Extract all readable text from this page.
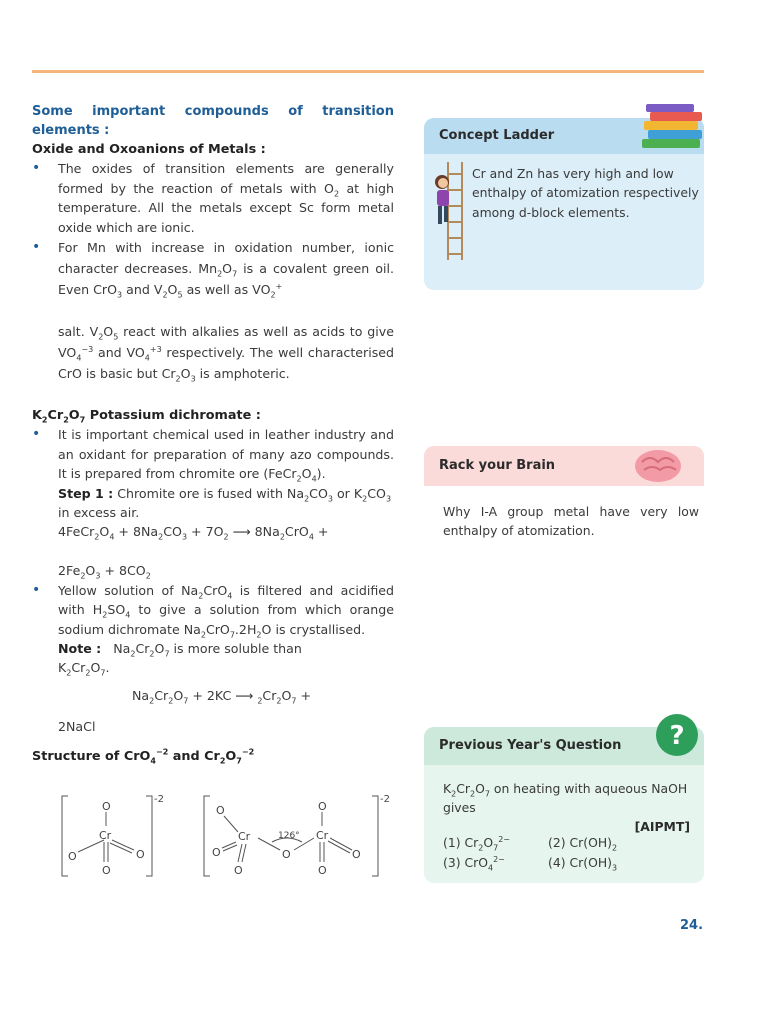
Some important compounds of transition elements :
Oxide and Oxoanions of Metals :
• The oxides of transition elements are generally formed by the reaction of metals with $O_2$ at high temperature. All the metals except Sc form metal oxide which are ionic.
• For Mn with increase in oxidation number, ionic character decreases. $Mn_2O_7$ is a covalent green oil. Even CrO$_3$ and $V_2O_5$ as well as $VO_2^+$

salt. $V_2O_5$ react with alkalies as well as acids to give $VO_4^{-3}$ and $VO_4^{+3}$ respectively. The well characterised CrO is basic but $Cr_2O_3$ is amphoteric.
$K_2Cr_2O_7$ Potassium dichromate :
• It is important chemical used in leather industry and an oxidant for preparation of many azo compounds. It is prepared from chromite ore $(FeCr_2O_4)$.
Step 1 : Chromite ore is fused with $Na_2CO_3$ or $K_2CO_3$ in excess air.
$4FeCr_2O_4 + 8Na_2CO_3 + 7O_2$ ⟶ $8Na_2CrO_4$ +

$2Fe_2O_3 + 8CO_2$
• Yellow solution of $Na_2CrO_4$ is filtered and acidified with $H_2SO_4$ to give a solution from which orange sodium dichromate $Na_2CrO_7.2H_2O$ is crystallised.
Note :   $Na_2Cr_2O_7$ is more soluble than
$K_2Cr_2O_7$.
$Na_2Cr_2O_7 + 2KC$ ⟶ $_2Cr_2O_7$ +
2NaCl
Structure of CrO$_4^{-2}$ and $Cr_2O_7^{-2}$
O
Cr
O	O
O
-2
O
Cr
O
O
O
126° Cr
O
O
O
-2
Concept Ladder
Cr and Zn has very high and low enthalpy of atomization respectively among d-block elements.
Rack your Brain
Why I-A group metal have very low enthalpy of atomization.
Previous Year's Question
$K_2Cr_2O_7$ on heating with aqueous NaOH gives
[AIPMT]
(1) $Cr_2O_7^{2-}$	(2) $Cr(OH)_2$
(3) CrO$_4^{2-}$	(4) $Cr(OH)_3$
?
24.
